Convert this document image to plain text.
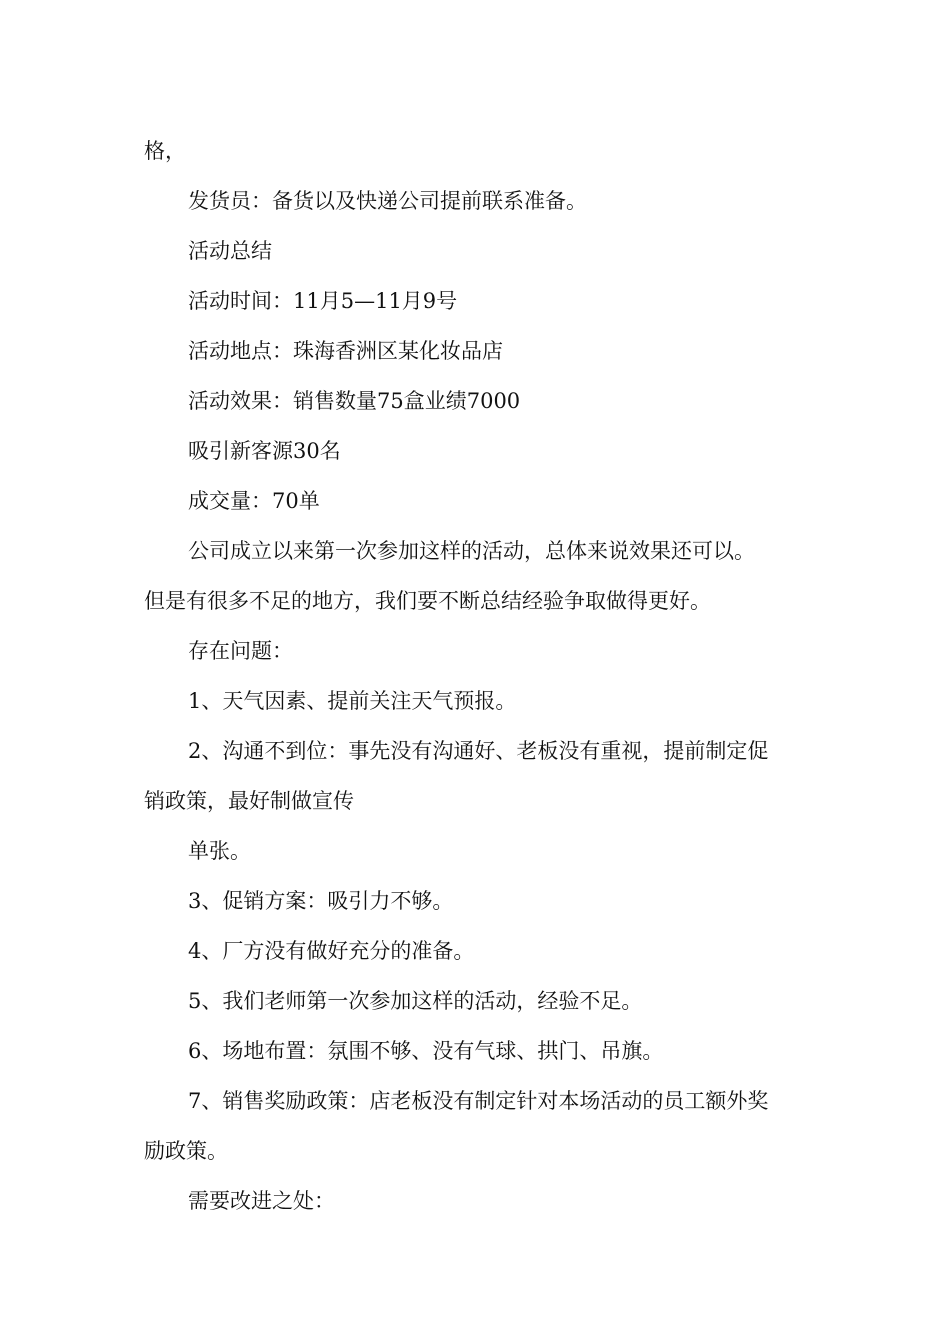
格，
发货员：备货以及快递公司提前联系准备。
活动总结
活动时间：11月5—11月9号
活动地点：珠海香洲区某化妆品店
活动效果：销售数量75盒业绩7000
吸引新客源30名
成交量：70单
公司成立以来第一次参加这样的活动，总体来说效果还可以。
但是有很多不足的地方，我们要不断总结经验争取做得更好。
存在问题：
1、天气因素、提前关注天气预报。
2、沟通不到位：事先没有沟通好、老板没有重视，提前制定促
销政策，最好制做宣传
单张。
3、促销方案：吸引力不够。
4、厂方没有做好充分的准备。
5、我们老师第一次参加这样的活动，经验不足。
6、场地布置：氛围不够、没有气球、拱门、吊旗。
7、销售奖励政策：店老板没有制定针对本场活动的员工额外奖
励政策。
需要改进之处：
